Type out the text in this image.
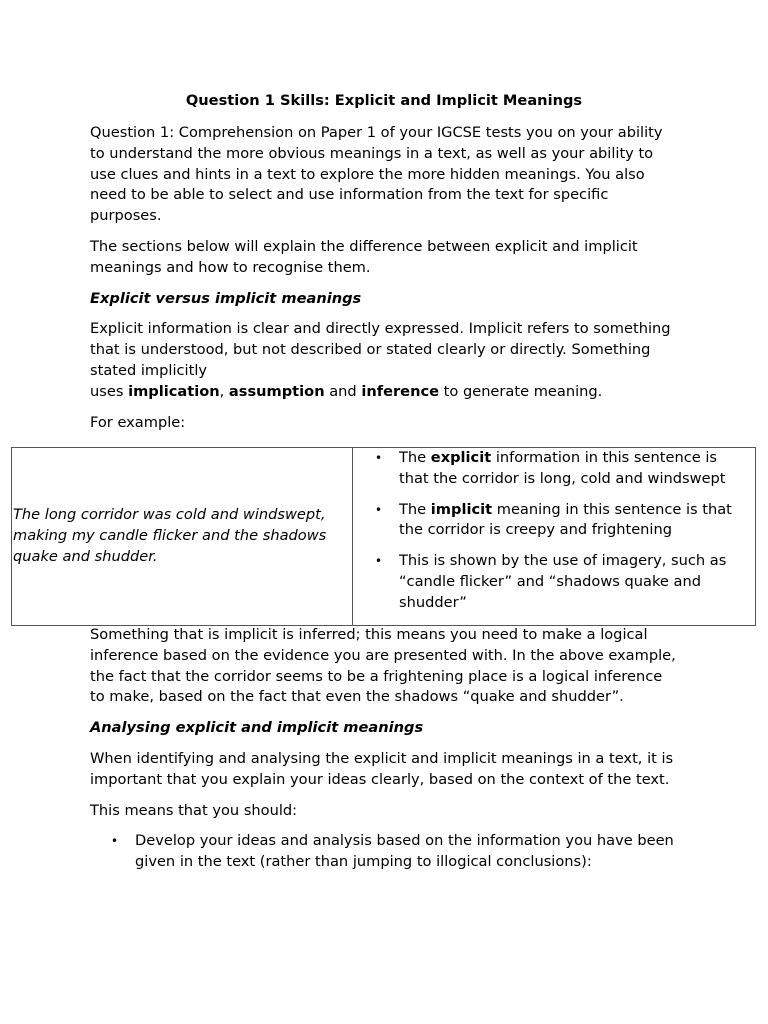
Question 1 Skills: Explicit and Implicit Meanings

Question 1: Comprehension on Paper 1 of your IGCSE tests you on your ability to understand the more obvious meanings in a text, as well as your ability to use clues and hints in a text to explore the more hidden meanings. You also need to be able to select and use information from the text for specific purposes.

The sections below will explain the difference between explicit and implicit meanings and how to recognise them.

Explicit versus implicit meanings

Explicit information is clear and directly expressed. Implicit refers to something that is understood, but not described or stated clearly or directly. Something stated implicitly
uses implication, assumption and inference to generate meaning.

For example:

The long corridor was cold and windswept, making my candle flicker and the shadows quake and shudder.
• The explicit information in this sentence is that the corridor is long, cold and windswept
• The implicit meaning in this sentence is that the corridor is creepy and frightening
• This is shown by the use of imagery, such as “candle flicker” and “shadows quake and shudder”

Something that is implicit is inferred; this means you need to make a logical inference based on the evidence you are presented with. In the above example, the fact that the corridor seems to be a frightening place is a logical inference to make, based on the fact that even the shadows “quake and shudder”.

Analysing explicit and implicit meanings

When identifying and analysing the explicit and implicit meanings in a text, it is important that you explain your ideas clearly, based on the context of the text.

This means that you should:

• Develop your ideas and analysis based on the information you have been given in the text (rather than jumping to illogical conclusions):
